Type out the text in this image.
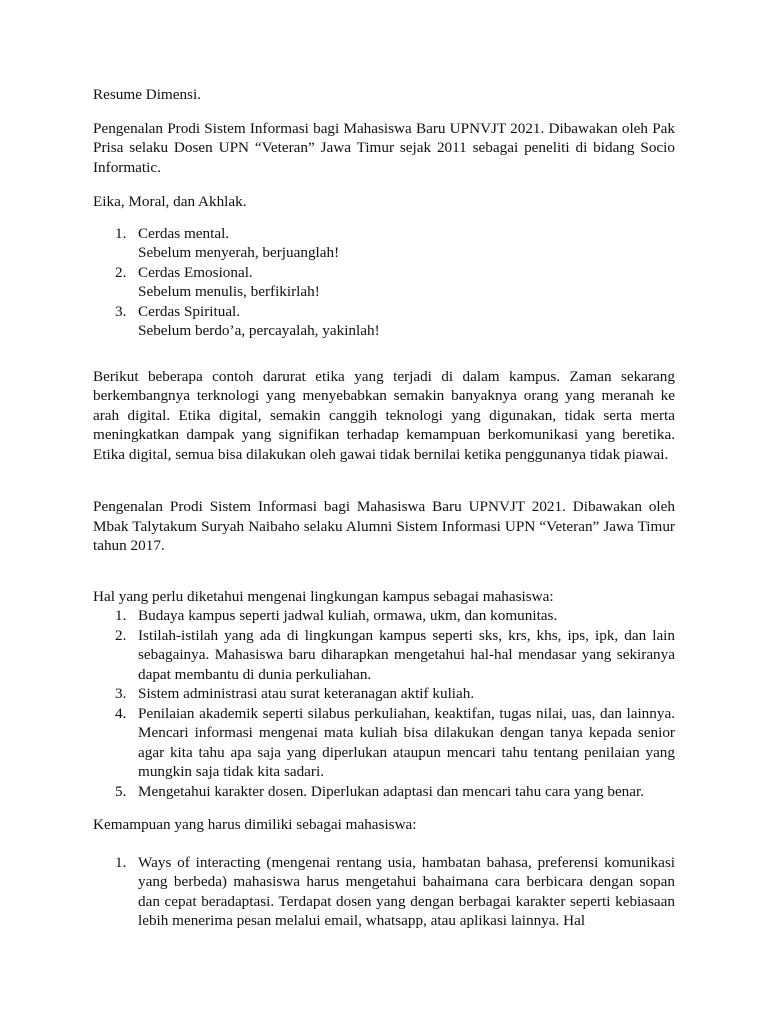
Resume Dimensi.

Pengenalan Prodi Sistem Informasi bagi Mahasiswa Baru UPNVJT 2021. Dibawakan oleh Pak Prisa selaku Dosen UPN “Veteran” Jawa Timur sejak 2011 sebagai peneliti di bidang Socio Informatic.

Eika, Moral, dan Akhlak.

1. Cerdas mental.
Sebelum menyerah, berjuanglah!
2. Cerdas Emosional.
Sebelum menulis, berfikirlah!
3. Cerdas Spiritual.
Sebelum berdo’a, percayalah, yakinlah!

Berikut beberapa contoh darurat etika yang terjadi di dalam kampus. Zaman sekarang berkembangnya terknologi yang menyebabkan semakin banyaknya orang yang meranah ke arah digital. Etika digital, semakin canggih teknologi yang digunakan, tidak serta merta meningkatkan dampak yang signifikan terhadap kemampuan berkomunikasi yang beretika. Etika digital, semua bisa dilakukan oleh gawai tidak bernilai ketika penggunanya tidak piawai.

Pengenalan Prodi Sistem Informasi bagi Mahasiswa Baru UPNVJT 2021. Dibawakan oleh Mbak Talytakum Suryah Naibaho selaku Alumni Sistem Informasi UPN “Veteran” Jawa Timur tahun 2017.

Hal yang perlu diketahui mengenai lingkungan kampus sebagai mahasiswa:

1. Budaya kampus seperti jadwal kuliah, ormawa, ukm, dan komunitas.
2. Istilah-istilah yang ada di lingkungan kampus seperti sks, krs, khs, ips, ipk, dan lain sebagainya. Mahasiswa baru diharapkan mengetahui hal-hal mendasar yang sekiranya dapat membantu di dunia perkuliahan.
3. Sistem administrasi atau surat keteranagan aktif kuliah.
4. Penilaian akademik seperti silabus perkuliahan, keaktifan, tugas nilai, uas, dan lainnya. Mencari informasi mengenai mata kuliah bisa dilakukan dengan tanya kepada senior agar kita tahu apa saja yang diperlukan ataupun mencari tahu tentang penilaian yang mungkin saja tidak kita sadari.
5. Mengetahui karakter dosen. Diperlukan adaptasi dan mencari tahu cara yang benar.

Kemampuan yang harus dimiliki sebagai mahasiswa:

1. Ways of interacting (mengenai rentang usia, hambatan bahasa, preferensi komunikasi yang berbeda) mahasiswa harus mengetahui bahaimana cara berbicara dengan sopan dan cepat beradaptasi. Terdapat dosen yang dengan berbagai karakter seperti kebiasaan lebih menerima pesan melalui email, whatsapp, atau aplikasi lainnya. Hal
